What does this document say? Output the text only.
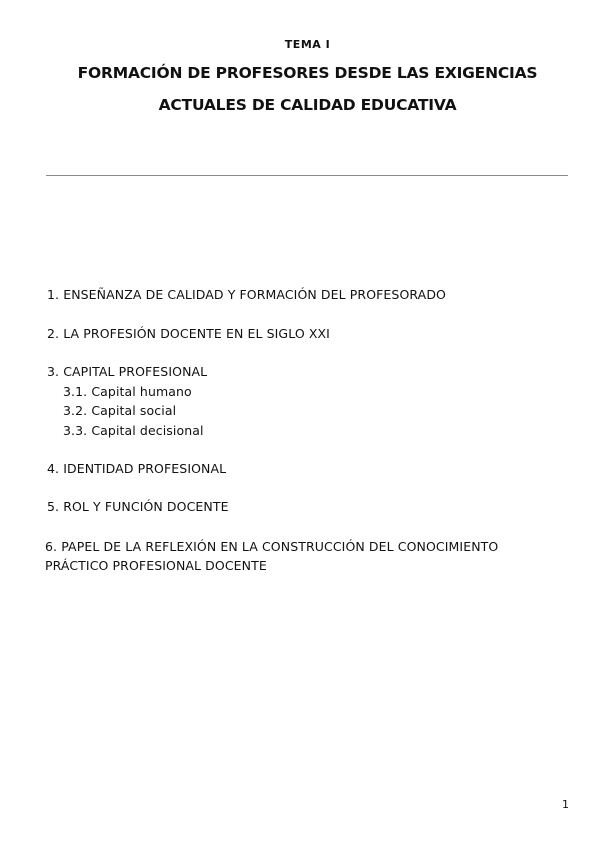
TEMA I
FORMACIÓN DE PROFESORES DESDE LAS EXIGENCIAS
ACTUALES DE CALIDAD EDUCATIVA
1. ENSEÑANZA DE CALIDAD Y FORMACIÓN DEL PROFESORADO
2. LA PROFESIÓN DOCENTE EN EL SIGLO XXI
3. CAPITAL PROFESIONAL
3.1. Capital humano
3.2. Capital social
3.3. Capital decisional
4. IDENTIDAD PROFESIONAL
5. ROL Y FUNCIÓN DOCENTE
6. PAPEL DE LA REFLEXIÓN EN LA CONSTRUCCIÓN DEL CONOCIMIENTO
PRÁCTICO PROFESIONAL DOCENTE
1
